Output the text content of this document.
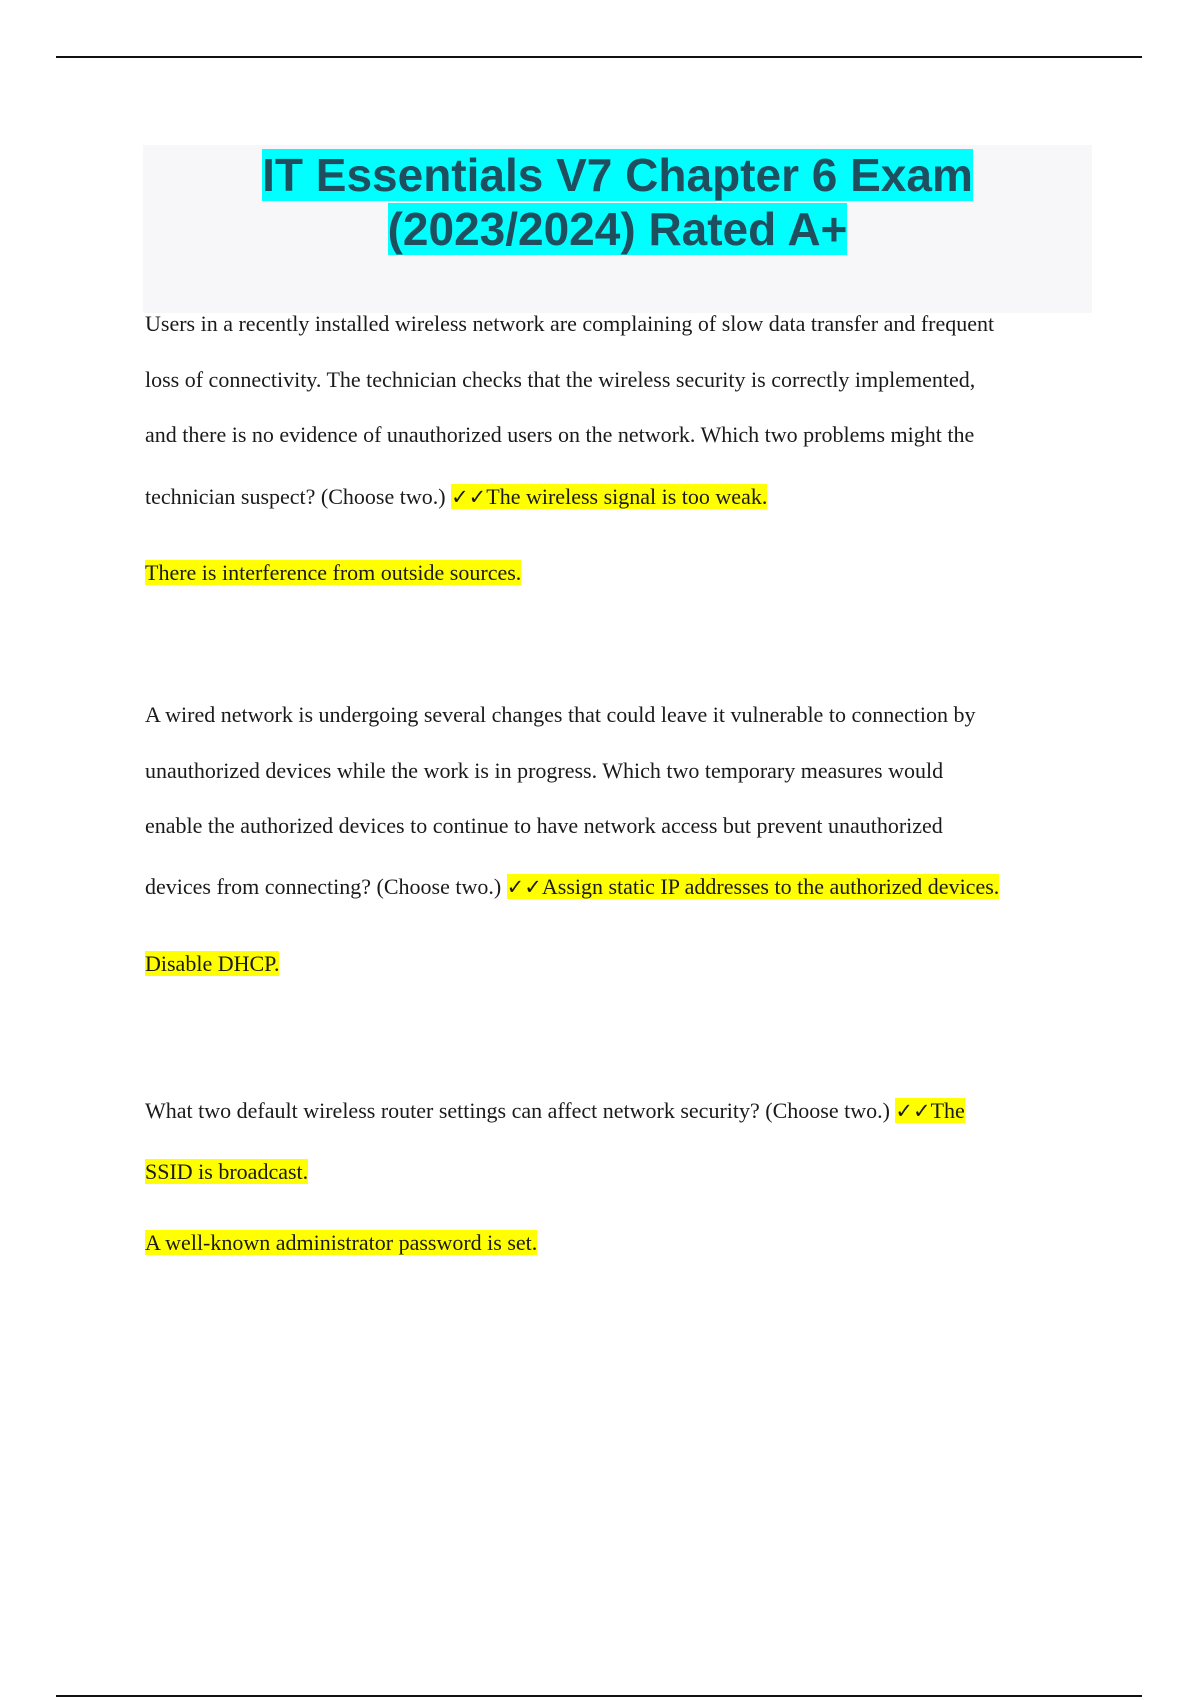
IT Essentials V7 Chapter 6 Exam
(2023/2024) Rated A+
Users in a recently installed wireless network are complaining of slow data transfer and frequent
loss of connectivity. The technician checks that the wireless security is correctly implemented,
and there is no evidence of unauthorized users on the network. Which two problems might the
technician suspect? (Choose two.) ✓✓The wireless signal is too weak.
There is interference from outside sources.
A wired network is undergoing several changes that could leave it vulnerable to connection by
unauthorized devices while the work is in progress. Which two temporary measures would
enable the authorized devices to continue to have network access but prevent unauthorized
devices from connecting? (Choose two.) ✓✓Assign static IP addresses to the authorized devices.
Disable DHCP.
What two default wireless router settings can affect network security? (Choose two.) ✓✓The
SSID is broadcast.
A well-known administrator password is set.
